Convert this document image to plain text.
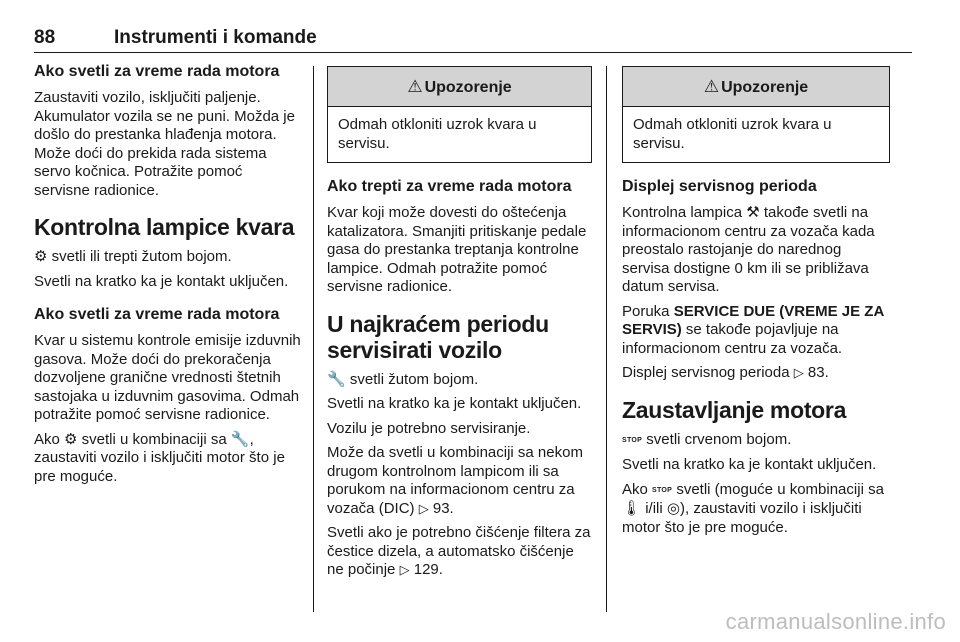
88	Instrumenti i komande
Ako svetli za vreme rada motora

Zaustaviti vozilo, isključiti paljenje. Akumulator vozila se ne puni. Možda je došlo do prestanka hlađenja motora. Može doći do prekida rada sistema servo kočnica. Potražite pomoć servisne radionice.

Kontrolna lampice kvara

⚙ svetli ili trepti žutom bojom.

Svetli na kratko ka je kontakt uključen.

Ako svetli za vreme rada motora

Kvar u sistemu kontrole emisije izduvnih gasova. Može doći do prekoračenja dozvoljene granične vrednosti štetnih sastojaka u izduvnim gasovima. Odmah potražite pomoć servisne radionice.

Ako ⚙ svetli u kombinaciji sa 🔧, zaustaviti vozilo i isključiti motor što je pre moguće.

⚠ Upozorenje
Odmah otkloniti uzrok kvara u servisu.
Ako trepti za vreme rada motora

Kvar koji može dovesti do oštećenja katalizatora. Smanjiti pritiskanje pedale gasa do prestanka treptanja kontrolne lampice. Odmah potražite pomoć servisne radionice.

U najkraćem periodu servisirati vozilo

🔧 svetli žutom bojom.

Svetli na kratko ka je kontakt uključen.

Vozilu je potrebno servisiranje.

Može da svetli u kombinaciji sa nekom drugom kontrolnom lampicom ili sa porukom na informacionom centru za vozača (DIC) ▷ 93.

Svetli ako je potrebno čišćenje filtera za čestice dizela, a automatsko čišćenje ne počinje ▷ 129.

⚠ Upozorenje
Odmah otkloniti uzrok kvara u servisu.
Displej servisnog perioda

Kontrolna lampica ⚒ takođe svetli na informacionom centru za vozača kada preostalo rastojanje do narednog servisa dostigne 0 km ili se približava datum servisa.

Poruka SERVICE DUE (VREME JE ZA SERVIS) se takođe pojavljuje na informacionom centru za vozača.

Displej servisnog perioda ▷ 83.

Zaustavljanje motora

STOP svetli crvenom bojom.

Svetli na kratko ka je kontakt uključen.

Ako STOP svetli (moguće u kombinaciji sa 🌡 i/ili ◎), zaustaviti vozilo i isključiti motor što je pre moguće.

carmanualsonline.info
